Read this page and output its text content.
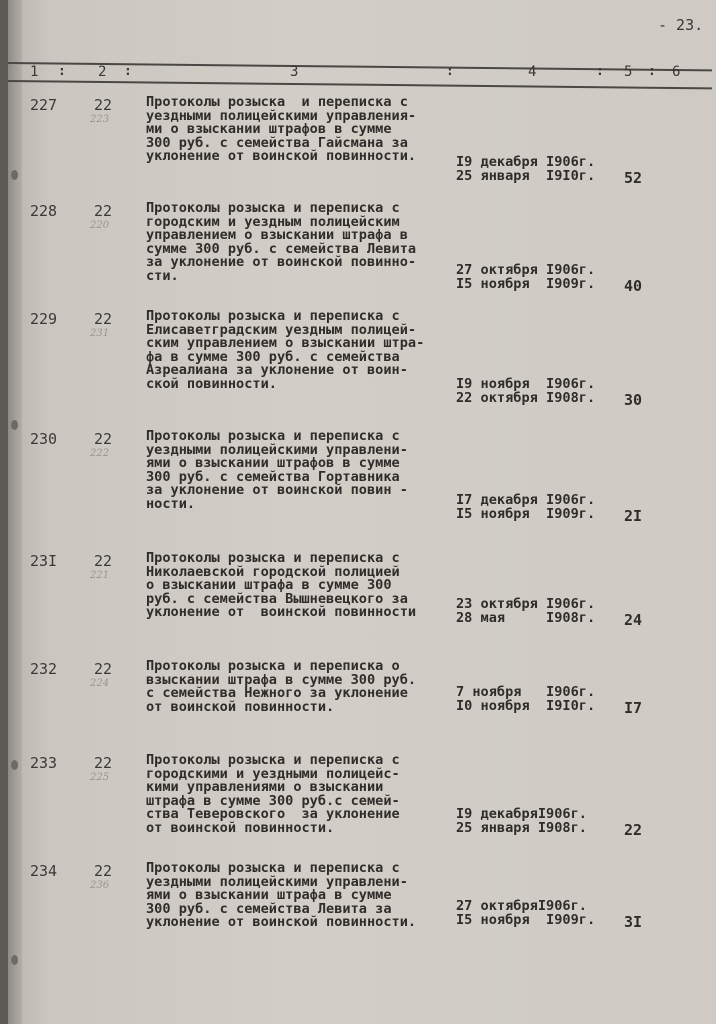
- 23.
1 : 2 :	3	:	4	: 5 : 6
227 22
223
Протоколы розыска  и переписка с
уездными полицейскими управления-
ми о взыскании штрафов в сумме
300 руб. с семейства Гайсмана за
уклонение от воинской повинности.	I9 декабря I906г.
25 января  I9I0г. 52
228 22
220
Протоколы розыска и переписка с
городским и уездным полицейским
управлением о взыскании штрафа в
сумме 300 руб. с семейства Левита
за уклонение от воинской повинно-
сти.	27 октября I906г.
I5 ноября  I909г. 40
229 22
231
Протоколы розыска и переписка с
Елисаветградским уездным полицей-
ским управлением о взыскании штра-
фа в сумме 300 руб. с семейства
Азреалиана за уклонение от воин-
ской повинности.	I9 ноября  I906г.
22 октября I908г. 30
230 22
222
Протоколы розыска и переписка с
уездными полицейскими управлени-
ями о взыскании штрафов в сумме
300 руб. с семейства Гортавника
за уклонение от воинской повин -
ности.	I7 декабря I906г.
I5 ноября  I909г. 2I
23I 22
221
Протоколы розыска и переписка с
Николаевской городской полицией
о взыскании штрафа в сумме 300
руб. с семейства Вышневецкого за
уклонение от  воинской повинности	23 октября I906г.
28 мая     I908г. 24
232 22
224
Протоколы розыска и переписка о
взыскании штрафа в сумме 300 руб.
с семейства Нежного за уклонение
от воинской повинности.
7 ноября   I906г.
I0 ноября  I9I0г. I7
233 22
225
Протоколы розыска и переписка с
городскими и уездными полицейс-
кими управлениями о взыскании
штрафа в сумме 300 руб.с семей-
ства Теверовского  за уклонение
от воинской повинности.
I9 декабряI906г.
25 января I908г. 22
234 22
236
Протоколы розыска и переписка с
уездными полицейскими управлени-
ями о взыскании штрафа в сумме
300 руб. с семейства Левита за
уклонение от воинской повинности.
27 октябряI906г.
I5 ноября  I909г. 3I
